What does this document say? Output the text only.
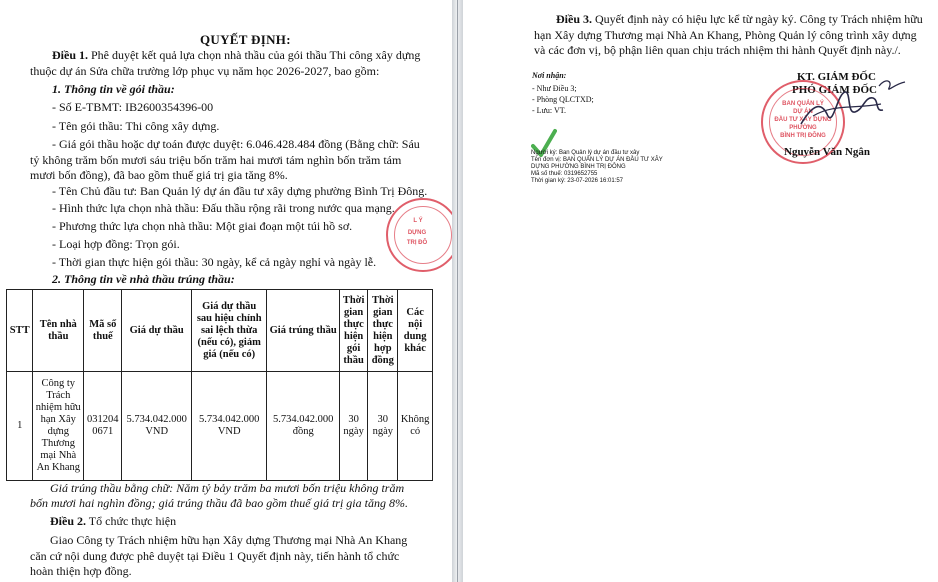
QUYẾT ĐỊNH:
Điều 1. Phê duyệt kết quả lựa chọn nhà thầu của gói thầu Thi công xây dựng
thuộc dự án Sửa chữa trường lớp phục vụ năm học 2026-2027, bao gồm:
1. Thông tin về gói thầu:
- Số E-TBMT: IB2600354396-00
- Tên gói thầu: Thi công xây dựng.
- Giá gói thầu hoặc dự toán được duyệt: 6.046.428.484 đồng (Bằng chữ: Sáu
tỷ không trăm bốn mươi sáu triệu bốn trăm hai mươi tám nghìn bốn trăm tám
mươi bốn đồng), đã bao gồm thuế giá trị gia tăng 8%.
- Tên Chủ đầu tư: Ban Quản lý dự án đầu tư xây dựng phường Bình Trị Đông.
- Hình thức lựa chọn nhà thầu: Đấu thầu rộng rãi trong nước qua mạng.
- Phương thức lựa chọn nhà thầu: Một giai đoạn một túi hồ sơ.
- Loại hợp đồng: Trọn gói.
- Thời gian thực hiện gói thầu: 30 ngày, kể cả ngày nghỉ và ngày lễ.
2. Thông tin về nhà thầu trúng thầu:
L Ý
DỰNG
TRỊ ĐÔ
STT	Tên nhà thầu	Mã số thuế	Giá dự thầu	Giá dự thầu sau hiệu chỉnh sai lệch thừa (nếu có), giảm giá (nếu có)	Giá trúng thầu	Thời gian thực hiện gói thầu	Thời gian thực hiện hợp đồng	Các nội dung khác
1	Công ty Trách nhiệm hữu hạn Xây dựng Thương mại Nhà An Khang	0312040671	5.734.042.000 VND	5.734.042.000 VND	5.734.042.000 đồng	30 ngày	30 ngày	Không có
Giá trúng thầu bằng chữ: Năm tỷ bảy trăm ba mươi bốn triệu không trăm
bốn mươi hai nghìn đồng; giá trúng thầu đã bao gồm thuế giá trị gia tăng 8%.
Điều 2. Tổ chức thực hiện
Giao Công ty Trách nhiệm hữu hạn Xây dựng Thương mại Nhà An Khang
căn cứ nội dung được phê duyệt tại Điều 1 Quyết định này, tiến hành tổ chức
hoàn thiện hợp đồng.
Điều 3. Quyết định này có hiệu lực kể từ ngày ký. Công ty Trách nhiệm hữu
hạn Xây dựng Thương mại Nhà An Khang, Phòng Quản lý công trình xây dựng
và các đơn vị, bộ phận liên quan chịu trách nhiệm thi hành Quyết định này./.
Nơi nhận:
- Như Điều 3;
- Phòng QLCTXD;
- Lưu: VT.
Người ký: Ban Quản lý dự án đầu tư xây
Tên đơn vị: BAN QUẢN LÝ DỰ ÁN ĐẦU TƯ XÂY
DỰNG PHƯỜNG BÌNH TRỊ ĐÔNG
Mã số thuế: 0319652755
Thời gian ký: 23-07-2026 16:01:57
KT. GIÁM ĐỐC
PHÓ GIÁM ĐỐC
BAN QUẢN LÝ
DỰ ÁN
ĐẦU TƯ XÂY DỰNG
PHƯỜNG
BÌNH TRỊ ĐÔNG
Nguyễn Văn Ngân
